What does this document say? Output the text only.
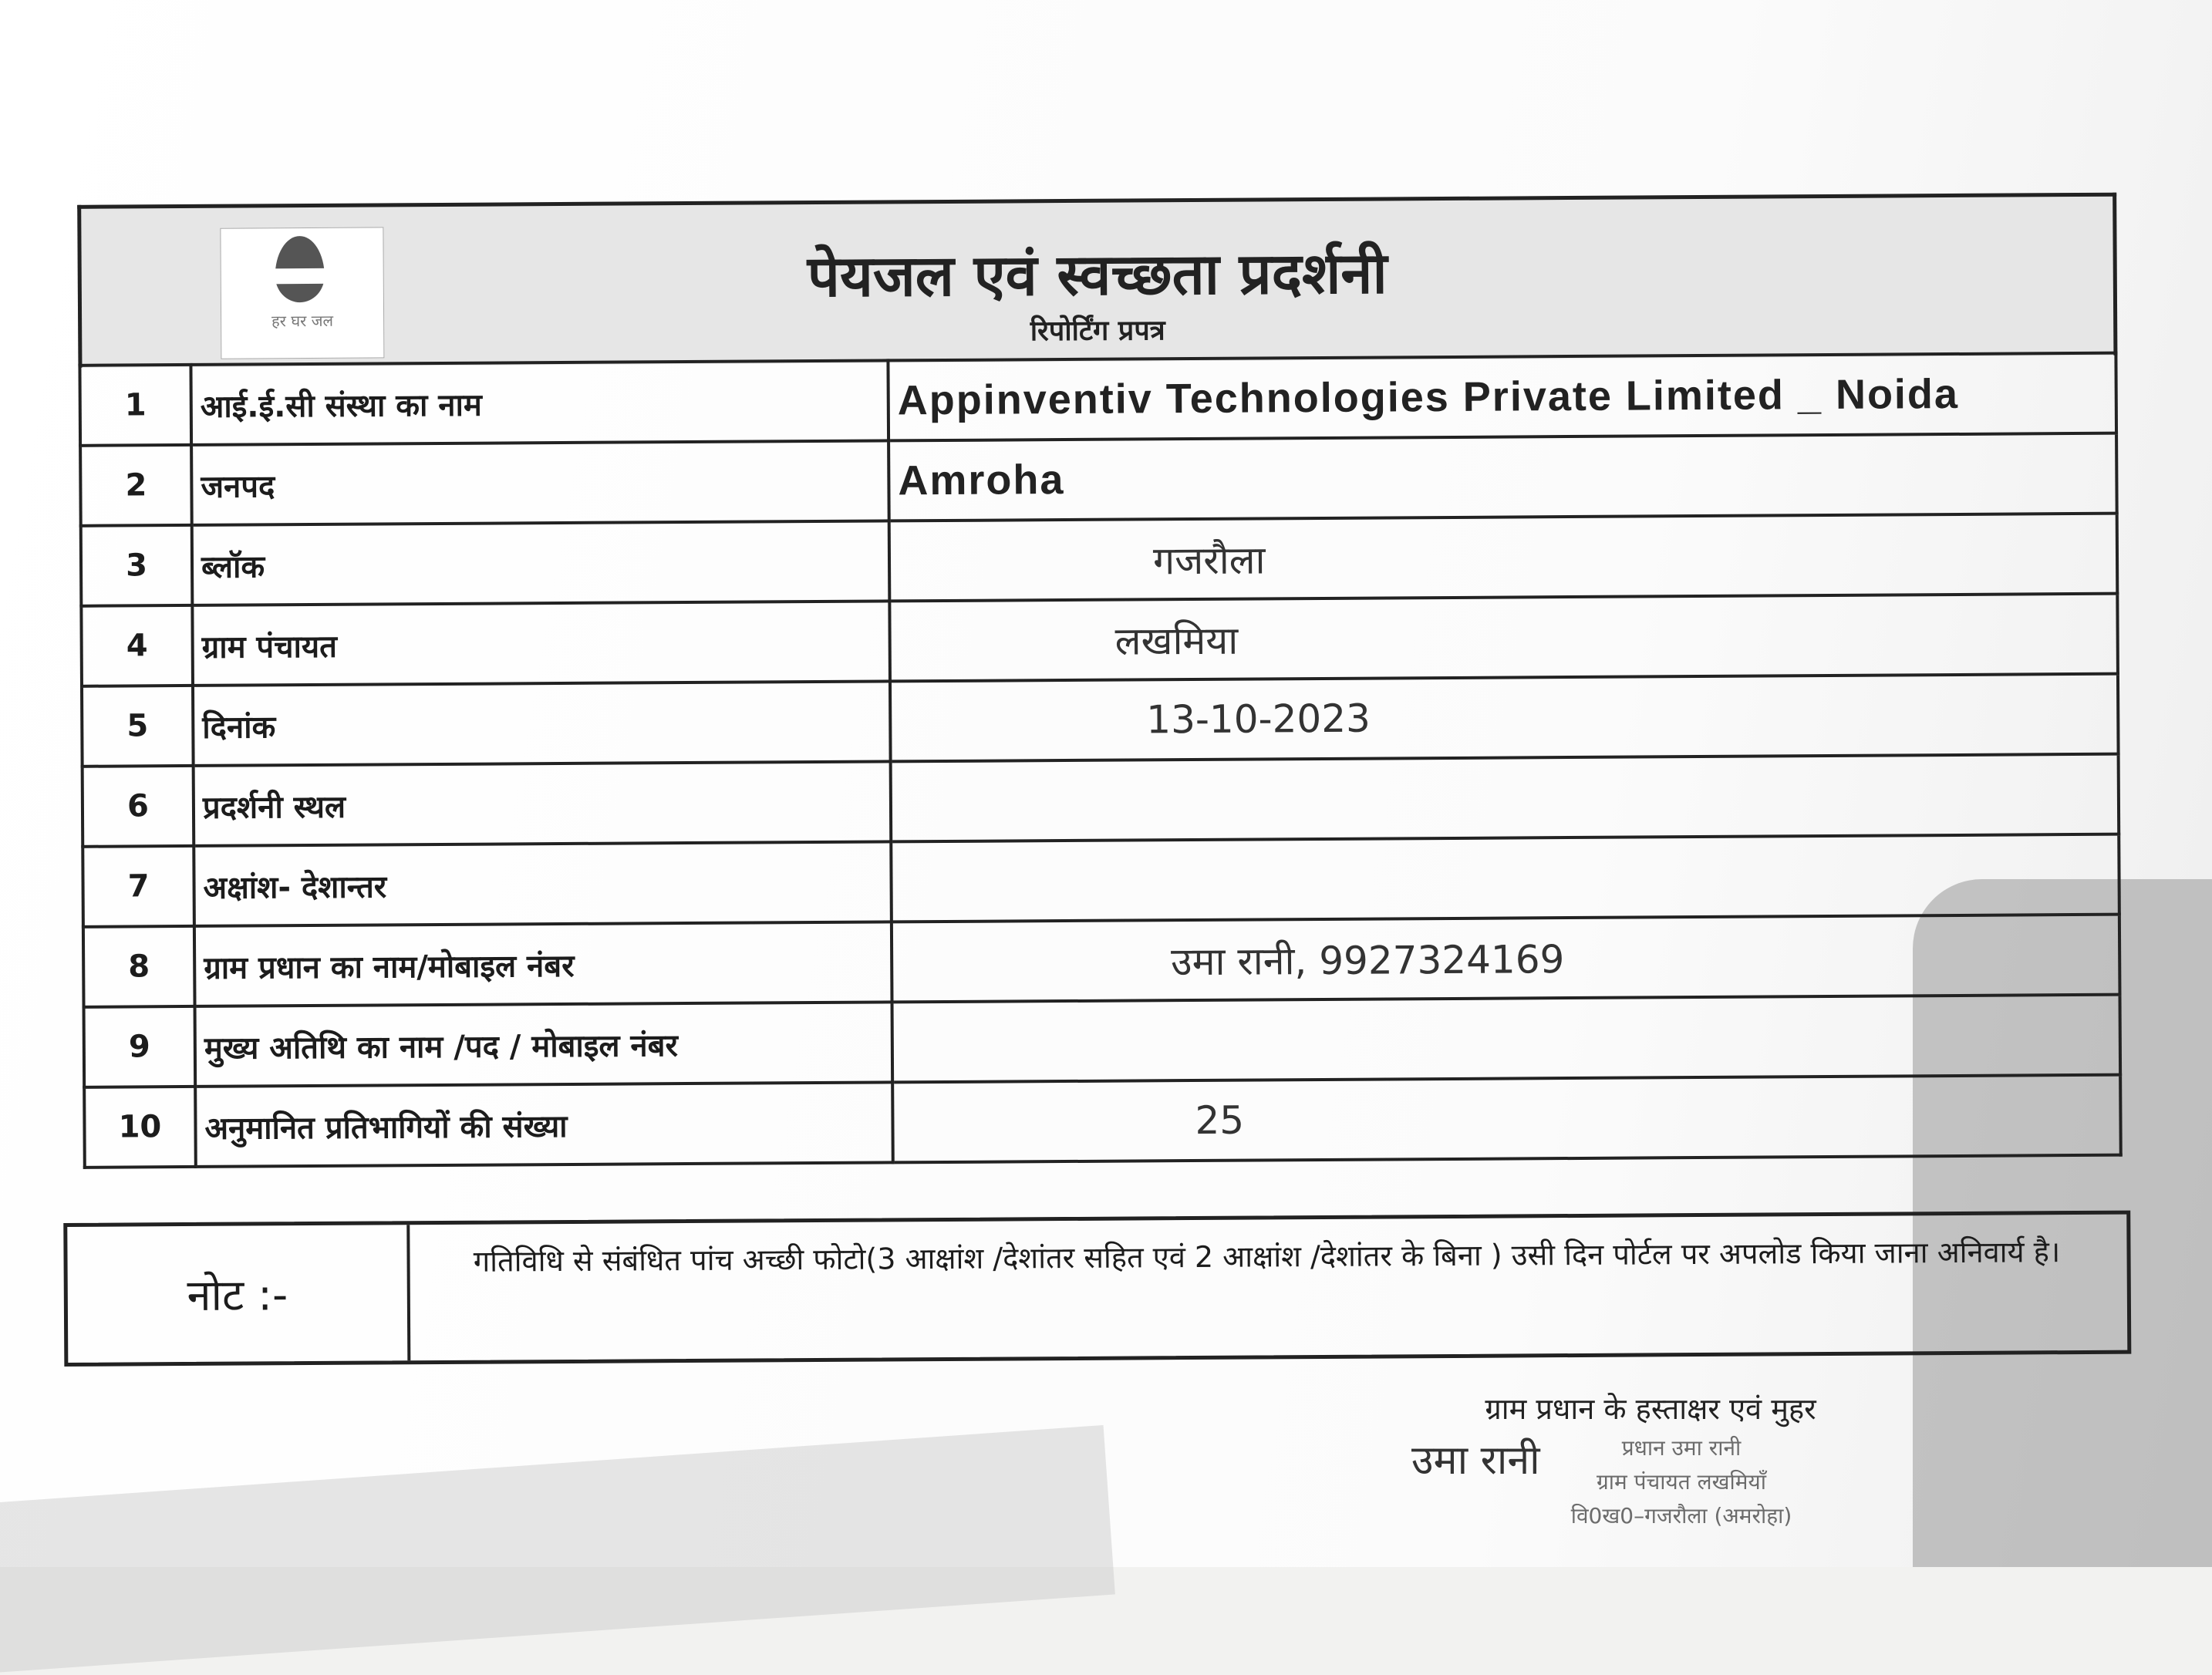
हर घर जल
पेयजल एवं स्वच्छता प्रदर्शनी
रिपोर्टिंग प्रपत्र
1	आई.ई.सी संस्था का नाम	Appinventiv Technologies Private Limited _ Noida
2	जनपद	Amroha
3	ब्लॉक	गजरौला
4	ग्राम पंचायत	लखमिया
5	दिनांक	13-10-2023
6	प्रदर्शनी स्थल	
7	अक्षांश- देशान्तर	
8	ग्राम प्रधान का नाम/मोबाइल नंबर	उमा रानी, 9927324169
9	मुख्य अतिथि का नाम /पद / मोबाइल नंबर	
10	अनुमानित प्रतिभागियों की संख्या	25
नोट :-
गतिविधि से संबंधित पांच अच्छी फोटो(3 आक्षांश /देशांतर सहित एवं 2 आक्षांश /देशांतर के बिना ) उसी दिन पोर्टल पर अपलोड किया जाना अनिवार्य है।
ग्राम प्रधान के हस्ताक्षर एवं मुहर
उमा रानी	प्रधान उमा रानी
ग्राम पंचायत लखमियाँ
वि0ख0–गजरौला (अमरोहा)
